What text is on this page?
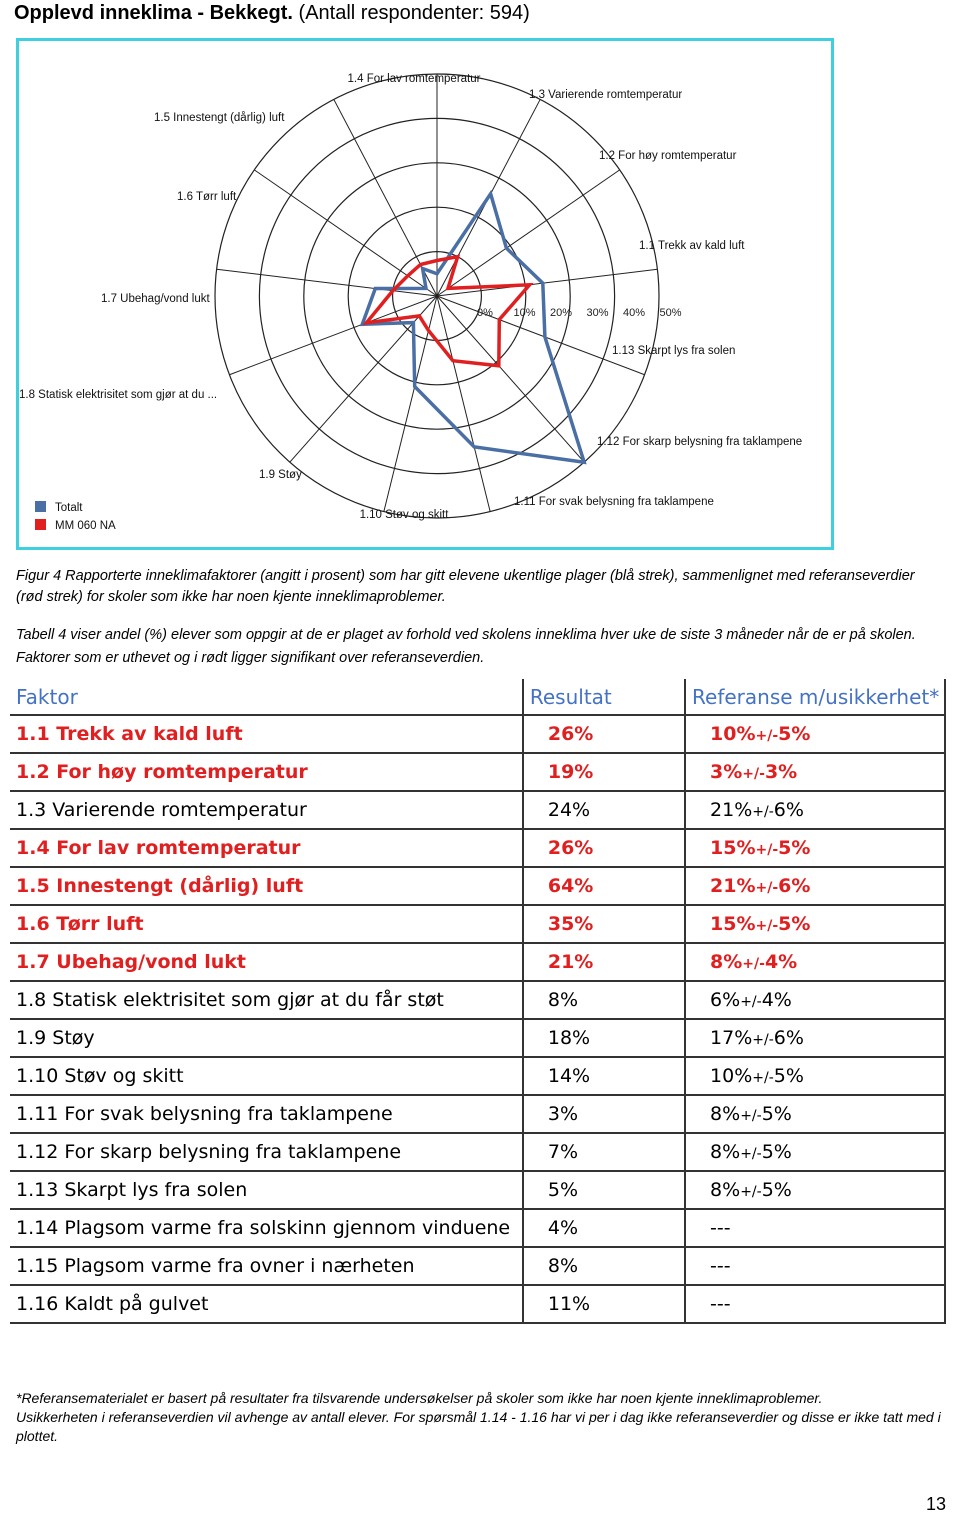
Opplevd inneklima - Bekkegt. (Antall respondenter: 594)
0% 10% 20% 30% 40% 50%
1.1 Trekk av kald luft
1.2 For høy romtemperatur
1.3 Varierende romtemperatur
1.4 For lav romtemperatur
1.5 Innestengt (dårlig) luft
1.6 Tørr luft
1.7 Ubehag/vond lukt
1.8 Statisk elektrisitet som gjør at du ...
1.9 Støy
1.10 Støv og skitt
1.11 For svak belysning fra taklampene
1.12 For skarp belysning fra taklampene
1.13 Skarpt lys fra solen
Totalt
MM 060 NA
Figur 4 Rapporterte inneklimafaktorer (angitt i prosent) som har gitt elevene ukentlige plager (blå strek), sammenlignet med referanseverdier (rød strek) for skoler som ikke har noen kjente inneklimaproblemer.
Tabell 4 viser andel (%) elever som oppgir at de er plaget av forhold ved skolens inneklima hver uke de siste 3 måneder når de er på skolen.
Faktorer som er uthevet og i rødt ligger signifikant over referanseverdien.
Faktor	Resultat	Referanse m/usikkerhet*
1.1 Trekk av kald luft	26%	10%+/-5%
1.2 For høy romtemperatur	19%	3%+/-3%
1.3 Varierende romtemperatur	24%	21%+/-6%
1.4 For lav romtemperatur	26%	15%+/-5%
1.5 Innestengt (dårlig) luft	64%	21%+/-6%
1.6 Tørr luft	35%	15%+/-5%
1.7 Ubehag/vond lukt	21%	8%+/-4%
1.8 Statisk elektrisitet som gjør at du får støt	8%	6%+/-4%
1.9 Støy	18%	17%+/-6%
1.10 Støv og skitt	14%	10%+/-5%
1.11 For svak belysning fra taklampene	3%	8%+/-5%
1.12 For skarp belysning fra taklampene	7%	8%+/-5%
1.13 Skarpt lys fra solen	5%	8%+/-5%
1.14 Plagsom varme fra solskinn gjennom vinduene	4%	---
1.15 Plagsom varme fra ovner i nærheten	8%	---
1.16 Kaldt på gulvet	11%	---
*Referansematerialet er basert på resultater fra tilsvarende undersøkelser på skoler som ikke har noen kjente inneklimaproblemer.
Usikkerheten i referanseverdien vil avhenge av antall elever. For spørsmål 1.14 - 1.16 har vi per i dag ikke referanseverdier og disse er ikke tatt med i plottet.
13
